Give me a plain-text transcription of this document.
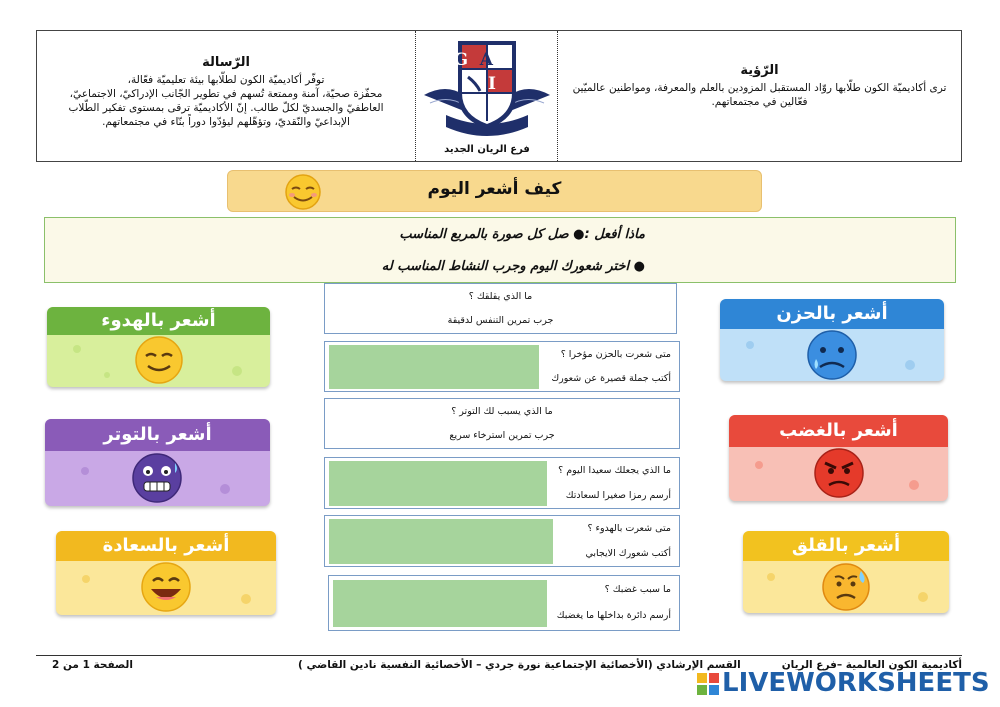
الرّؤية
ترى أكاديميّة الكون طلّابها روّاد المستقبل المزودين بالعلم والمعرفة، ومواطنين عالميّين فعّالين في مجتمعاتهم.
G A
I
فرع الريان الجديد
الرّسالة
توفّر أكاديميّة الكون لطلّابها بيئة تعليميّة فعّالة،
محفّزة صحيّة، آمنة وممتعة تُسهم في تطوير الجّانب الإدراكيّ، الاجتماعيّ،
العاطفيّ والجسديّ لكلّ طالب. إنّ الأكاديميّة ترقى بمستوى تفكير الطّلاب
الإبداعيّ والنّقديّ، وتؤهّلهم ليؤدّوا دوراً بنّاء في مجتمعاتهم.
كيف أشعر اليوم
ماذا أفعل :● صل كل صورة بالمربع المناسب
● اختر شعورك اليوم وجرب النشاط المناسب له
ما الذي يقلقك ؟
جرب تمرين التنفس لدقيقة
متى شعرت بالحزن مؤخرا ؟
أكتب جملة قصيرة عن شعورك
ما الذي يسبب لك التوتر ؟
جرب تمرين استرخاء سريع
ما الذي يجعلك سعيدا اليوم ؟
أرسم رمزا صغيرا لسعادتك
متى شعرت بالهدوء ؟
أكتب شعورك الايجابي
ما سبب غضبك ؟
أرسم دائرة بداخلها ما يغضبك
أشعر بالهدوء
أشعر بالتوتر
أشعر بالسعادة
أشعر بالحزن
أشعر بالغضب
أشعر بالقلق
أكاديمية الكون العالمية –فرع الريان
القسم الإرشادي (الأخصائية الإجتماعية نورة جردي – الأخصائية النفسية نادين القاضي )
الصفحة 1 من 2
LIVEWORKSHEETS
